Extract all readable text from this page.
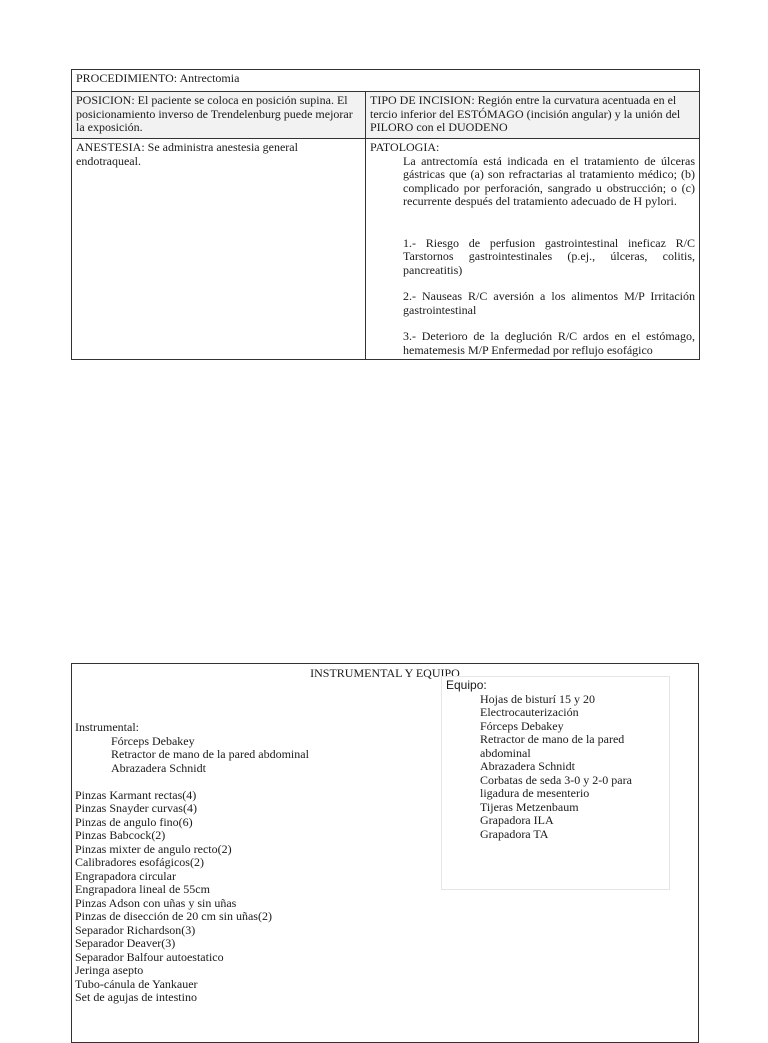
PROCEDIMIENTO: Antrectomia	
POSICION: El paciente se coloca en posición supina. El posicionamiento inverso de Trendelenburg puede mejorar la exposición.	TIPO DE INCISION: Región entre la curvatura acentuada en el tercio inferior del ESTÓMAGO (incisión angular) y la unión del PILORO con el DUODENO
ANESTESIA: Se administra anestesia general endotraqueal.	PATOLOGIA:
La antrectomía está indicada en el tratamiento de úlceras gástricas que (a) son refractarias al tratamiento médico; (b) complicado por perforación, sangrado u obstrucción; o (c) recurrente después del tratamiento adecuado de H pylori.
1.- Riesgo de perfusion gastrointestinal ineficaz R/C Tarstornos gastrointestinales (p.ej., úlceras, colitis, pancreatitis)
2.- Nauseas R/C aversión a los alimentos M/P Irritación gastrointestinal
3.- Deterioro de la deglución R/C ardos en el estómago, hematemesis M/P Enfermedad por reflujo esofágico
INSTRUMENTAL Y EQUIPO
Instrumental:
Fórceps Debakey
Retractor de mano de la pared abdominal
Abrazadera Schnidt
Pinzas Karmant rectas(4)
Pinzas Snayder curvas(4)
Pinzas de angulo fino(6)
Pinzas Babcock(2)
Pinzas mixter de angulo recto(2)
Calibradores esofágicos(2)
Engrapadora circular
Engrapadora lineal de 55cm
Pinzas Adson con uñas y sin uñas
Pinzas de disección de 20 cm sin uñas(2)
Separador Richardson(3)
Separador Deaver(3)
Separador Balfour autoestatico
Jeringa asepto
Tubo-cánula de Yankauer
Set de agujas de intestino
Equipo:
Hojas de bisturí 15 y 20
Electrocauterización
Fórceps Debakey
Retractor de mano de la pared abdominal
Abrazadera Schnidt
Corbatas de seda 3-0 y 2-0 para ligadura de mesenterio
Tijeras Metzenbaum
Grapadora ILA
Grapadora TA
